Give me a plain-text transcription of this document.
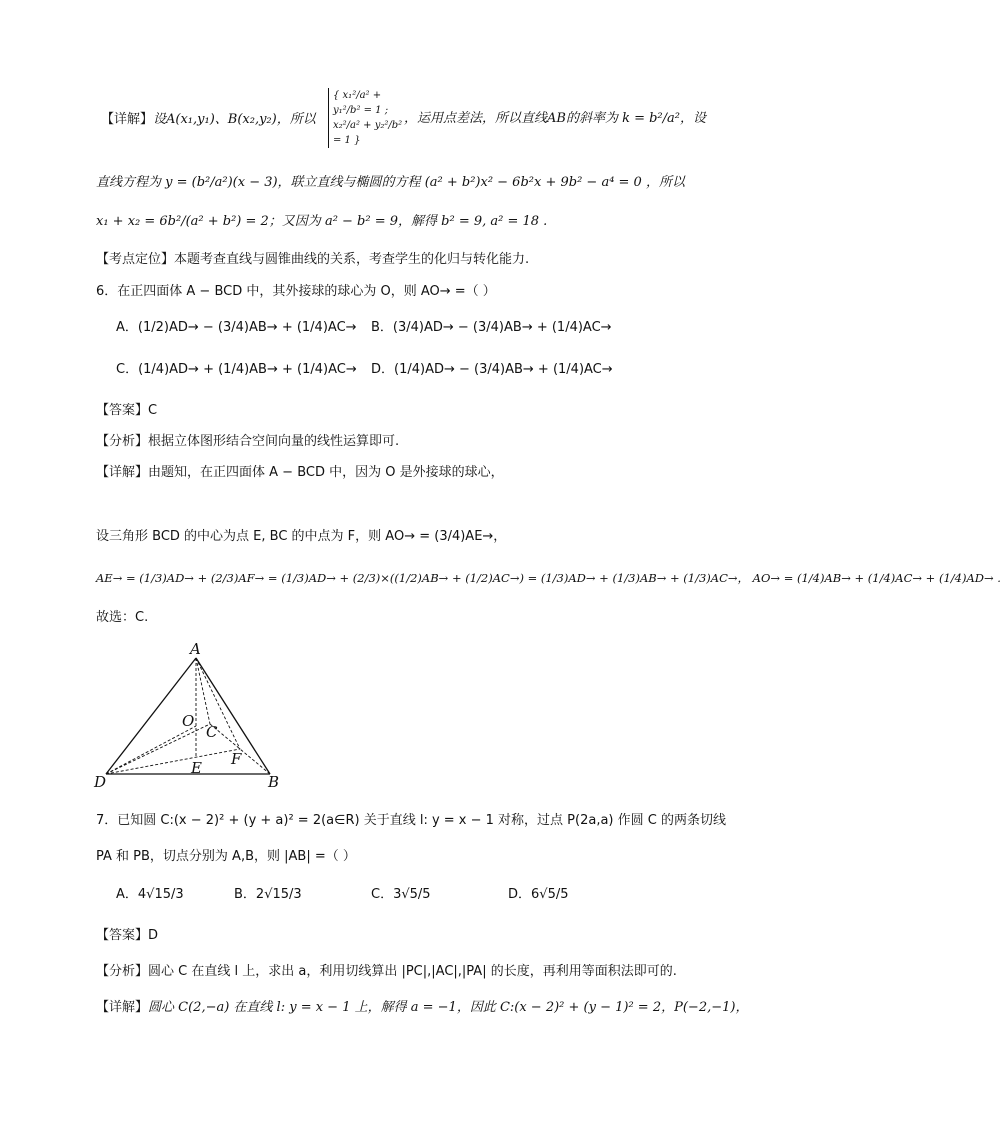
【详解】设A(x₁,y₁)、B(x₂,y₂)，所以
{ x₁²/a² + y₁²/b² = 1 ; x₂²/a² + y₂²/b² = 1 }
，运用点差法，所以直线AB的斜率为 k = b²/a²，设
直线方程为 y = (b²/a²)(x − 3)，联立直线与椭圆的方程 (a² + b²)x² − 6b²x + 9b² − a⁴ = 0 ，所以
x₁ + x₂ = 6b²/(a² + b²) = 2；又因为 a² − b² = 9，解得 b² = 9, a² = 18 .
【考点定位】本题考查直线与圆锥曲线的关系，考查学生的化归与转化能力.
6．在正四面体 A − BCD 中，其外接球的球心为 O，则 AO→ =（ ）
A．(1/2)AD→ − (3/4)AB→ + (1/4)AC→ B．(3/4)AD→ − (3/4)AB→ + (1/4)AC→
C．(1/4)AD→ + (1/4)AB→ + (1/4)AC→ D．(1/4)AD→ − (3/4)AB→ + (1/4)AC→
【答案】C
【分析】根据立体图形结合空间向量的线性运算即可.
【详解】由题知，在正四面体 A − BCD 中，因为 O 是外接球的球心，
设三角形 BCD 的中心为点 E, BC 的中点为 F，则 AO→ = (3/4)AE→，
AE→ = (1/3)AD→ + (2/3)AF→ = (1/3)AD→ + (2/3)×((1/2)AB→ + (1/2)AC→) = (1/3)AD→ + (1/3)AB→ + (1/3)AC→， AO→ = (1/4)AB→ + (1/4)AC→ + (1/4)AD→ .
故选：C.
A
O
C
F
E
D	B
7．已知圆 C:(x − 2)² + (y + a)² = 2(a∈R) 关于直线 l: y = x − 1 对称，过点 P(2a,a) 作圆 C 的两条切线
PA 和 PB，切点分别为 A,B，则 |AB| =（ ）
A．4√15/3	B．2√15/3	C．3√5/5	D．6√5/5
【答案】D
【分析】圆心 C 在直线 l 上，求出 a，利用切线算出 |PC|,|AC|,|PA| 的长度，再利用等面积法即可的.
【详解】圆心 C(2,−a) 在直线 l: y = x − 1 上，解得 a = −1，因此 C:(x − 2)² + (y − 1)² = 2，P(−2,−1)，
